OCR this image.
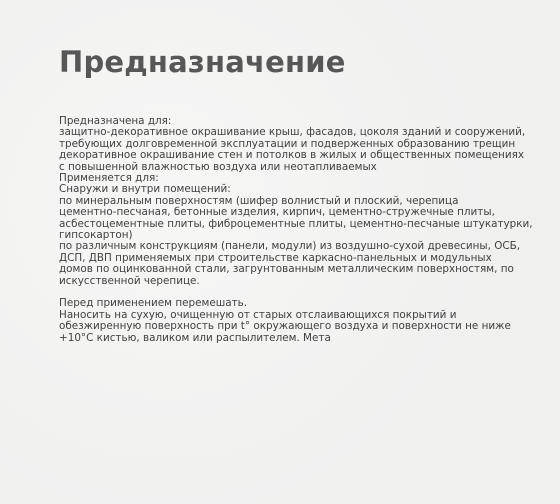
Предназначение
Предназначена для:
защитно-декоративное окрашивание крыш, фасадов, цоколя зданий и сооружений,
требующих долговременной эксплуатации и подверженных образованию трещин
декоративное окрашивание стен и потолков в жилых и общественных помещениях
с повышенной влажностью воздуха или неотапливаемых
Применяется для:
Снаружи и внутри помещений:
по минеральным поверхностям (шифер волнистый и плоский, черепица
цементно-песчаная, бетонные изделия, кирпич, цементно-стружечные плиты,
асбестоцементные плиты, фиброцементные плиты, цементно-песчаные штукатурки,
гипсокартон)
по различным конструкциям (панели, модули) из воздушно-сухой древесины, ОСБ,
ДСП, ДВП применяемых при строительстве каркасно-панельных и модульных
домов по оцинкованной стали, загрунтованным металлическим поверхностям, по
искусственной черепице.
Перед применением перемешать.
Наносить на сухую, очищенную от старых отслаивающихся покрытий и
обезжиренную поверхность при t° окружающего воздуха и поверхности не ниже
+10°С кистью, валиком или распылителем. Мета
